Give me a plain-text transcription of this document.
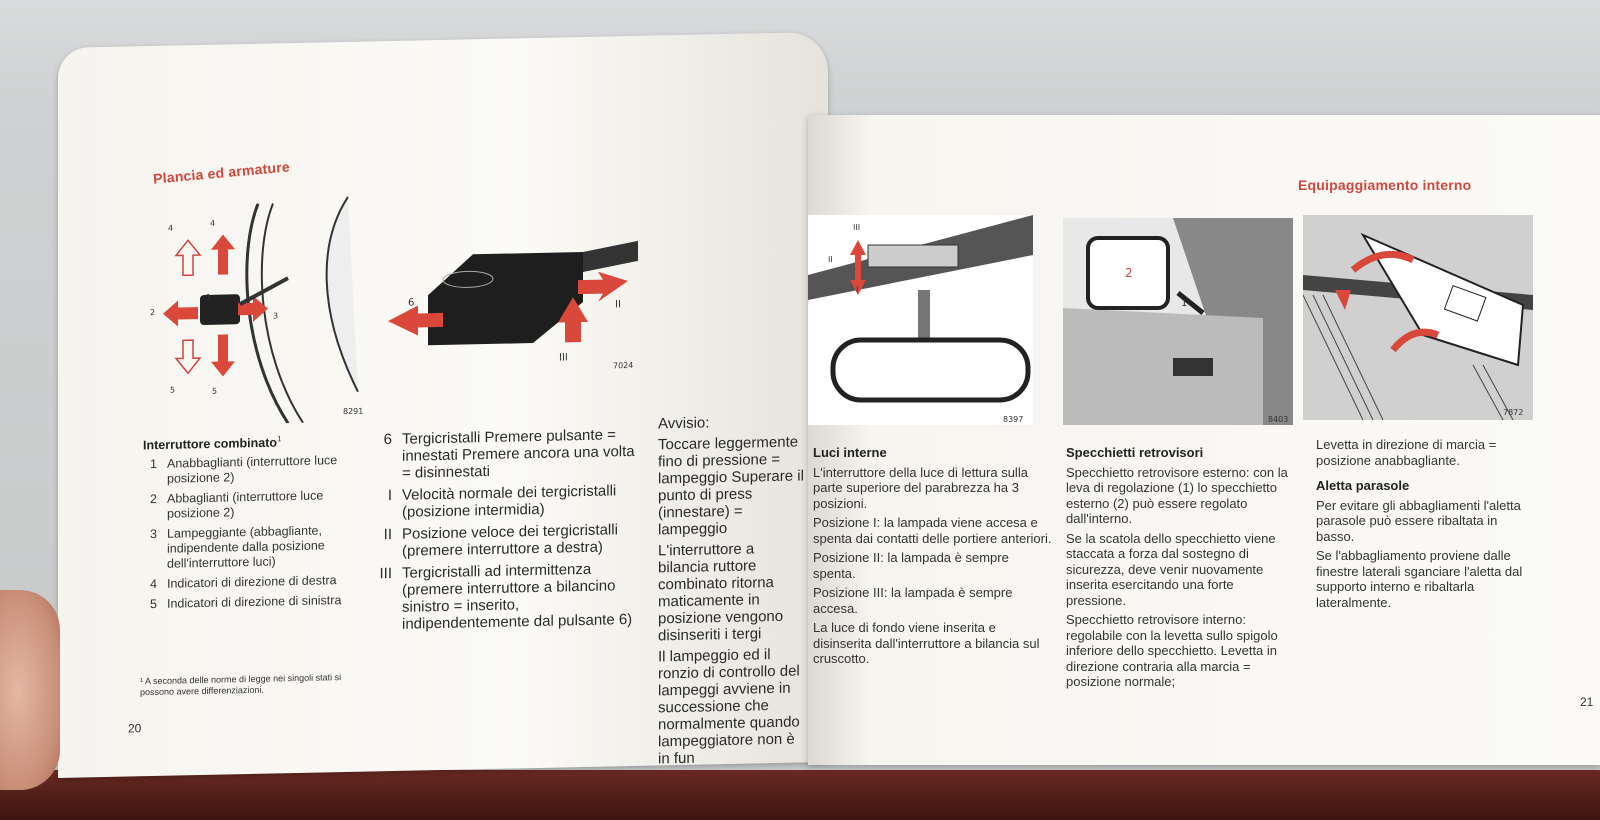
Plancia ed armature
4
4
2	3
5	5
1
8291
6	II
III
7024

Interruttore combinato$^1$

1 Anabbaglianti (interruttore luce posizione 2)
2 Abbaglianti (interruttore luce posizione 2)
3 Lampeggiante (abbagliante, indipendente dalla posizione dell'interruttore luci)
4 Indicatori di direzione di destra
5 Indicatori di direzione di sinistra
¹ A seconda delle norme di legge nei singoli stati si possono avere differenziazioni.
20
6 Tergicristalli Premere pulsante = innestati Premere ancora una volta = disinnestati
I Velocità normale dei tergicristalli (posizione intermidia)
II Posizione veloce dei tergicristalli (premere interruttore a destra)
III Tergicristalli ad intermittenza (premere interruttore a bilancino sinistro = inserito, indipendentemente dal pulsante 6)

Avvisio:

Toccare leggermente fino di pressione = lampeggio Superare il punto di press (innestare) = lampeggio

L'interruttore a bilancia ruttore combinato ritorna maticamente in posizione vengono disinseriti i tergi

Il lampeggio ed il ronzio di controllo del lampeggi avviene in successione che normalmente quando lampeggiatore non è in fun

Equipaggiamento interno
III
II
I
8397
2
1
8403
7872

Luci interne

L'interruttore della luce di lettura sulla parte superiore del parabrezza ha 3 posizioni.

Posizione I: la lampada viene accesa e spenta dai contatti delle portiere anteriori.

Posizione II: la lampada è sempre spenta.

Posizione III: la lampada è sempre accesa.

La luce di fondo viene inserita e disinserita dall'interruttore a bilancia sul cruscotto.

Specchietti retrovisori

Specchietto retrovisore esterno: con la leva di regolazione (1) lo specchietto esterno (2) può essere regolato dall'interno.

Se la scatola dello specchietto viene staccata a forza dal sostegno di sicurezza, deve venir nuovamente inserita esercitando una forte pressione.

Specchietto retrovisore interno: regolabile con la levetta sullo spigolo inferiore dello specchietto. Levetta in direzione contraria alla marcia = posizione normale;

Levetta in direzione di marcia = posizione anabbagliante.

Aletta parasole

Per evitare gli abbagliamenti l'aletta parasole può essere ribaltata in basso.

Se l'abbagliamento proviene dalle finestre laterali sganciare l'aletta dal supporto interno e ribaltarla lateralmente.

21
